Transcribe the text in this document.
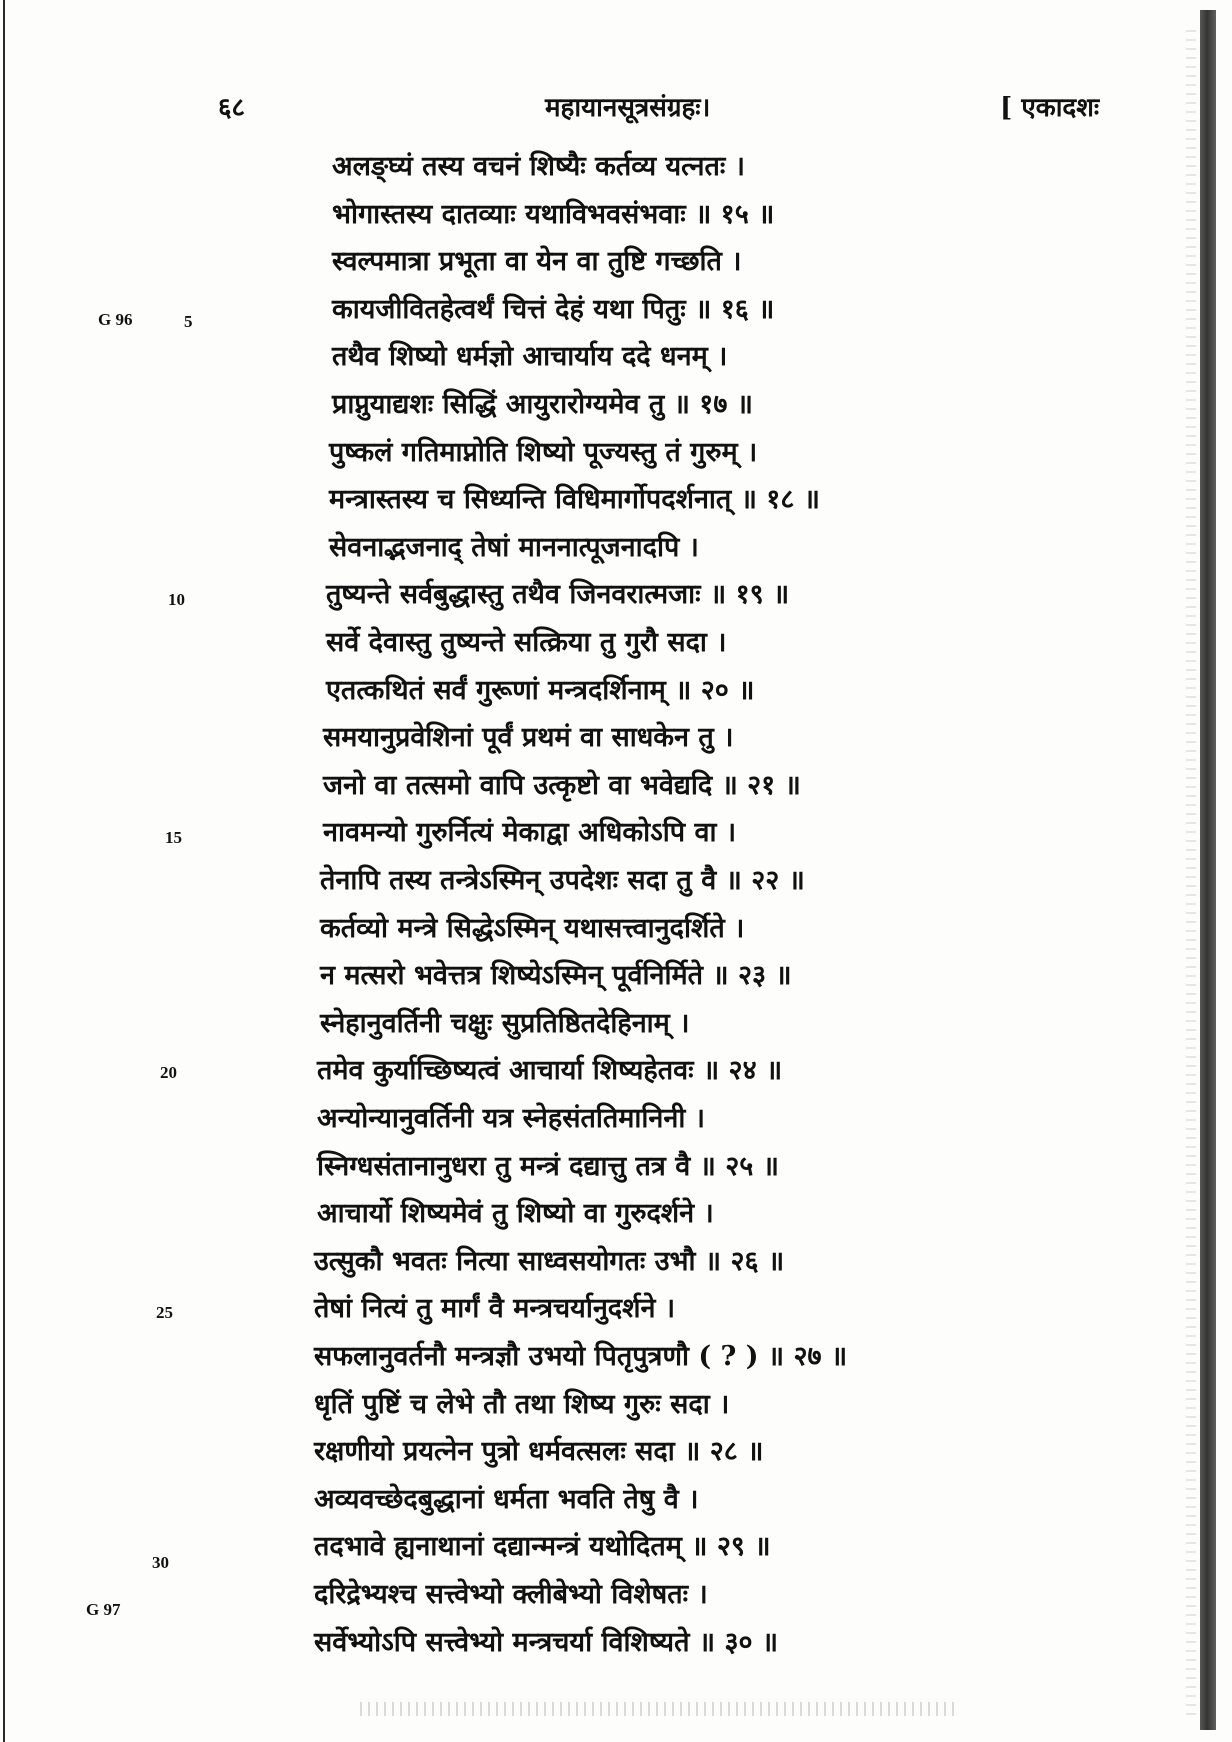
६८	महायानसूत्रसंग्रहः।	[ एकादशः
G 96	5
10
15
20
25
30
G 97
अलङ्घ्यं तस्य वचनं शिष्यैः कर्तव्य यत्नतः ।
भोगास्तस्य दातव्याः यथाविभवसंभवाः ॥ १५ ॥
स्वल्पमात्रा प्रभूता वा येन वा तुष्टि गच्छति ।
कायजीवितहेत्वर्थं चित्तं देहं यथा पितुः ॥ १६ ॥
तथैव शिष्यो धर्मज्ञो आचार्याय ददे धनम् ।
प्राप्नुयाद्यशः सिद्धिं आयुरारोग्यमेव तु ॥ १७ ॥
पुष्कलं गतिमाप्नोति शिष्यो पूज्यस्तु तं गुरुम् ।
मन्त्रास्तस्य च सिध्यन्ति विधिमार्गोपदर्शनात् ॥ १८ ॥
सेवनाद्भजनाद् तेषां माननात्पूजनादपि ।
तुष्यन्ते सर्वबुद्धास्तु तथैव जिनवरात्मजाः ॥ १९ ॥
सर्वे देवास्तु तुष्यन्ते सत्क्रिया तु गुरौ सदा ।
एतत्कथितं सर्वं गुरूणां मन्त्रदर्शिनाम् ॥ २० ॥
समयानुप्रवेशिनां पूर्वं प्रथमं वा साधकेन तु ।
जनो वा तत्समो वापि उत्कृष्टो वा भवेद्यदि ॥ २१ ॥
नावमन्यो गुरुर्नित्यं मेकाद्वा अधिकोऽपि वा ।
तेनापि तस्य तन्त्रेऽस्मिन् उपदेशः सदा तु वै ॥ २२ ॥
कर्तव्यो मन्त्रे सिद्धेऽस्मिन् यथासत्त्वानुदर्शिते ।
न मत्सरो भवेत्तत्र शिष्येऽस्मिन् पूर्वनिर्मिते ॥ २३ ॥
स्नेहानुवर्तिनी चक्षुः सुप्रतिष्ठितदेहिनाम् ।
तमेव कुर्याच्छिष्यत्वं आचार्या शिष्यहेतवः ॥ २४ ॥
अन्योन्यानुवर्तिनी यत्र स्नेहसंततिमानिनी ।
स्निग्धसंतानानुधरा तु मन्त्रं दद्यात्तु तत्र वै ॥ २५ ॥
आचार्यो शिष्यमेवं तु शिष्यो वा गुरुदर्शने ।
उत्सुकौ भवतः नित्या साध्वसयोगतः उभौ ॥ २६ ॥
तेषां नित्यं तु मार्गं वै मन्त्रचर्यानुदर्शने ।
सफलानुवर्तनौ मन्त्रज्ञौ उभयो पितृपुत्रणौ ( ? ) ॥ २७ ॥
धृतिं पुष्टिं च लेभे तौ तथा शिष्य गुरुः सदा ।
रक्षणीयो प्रयत्नेन पुत्रो धर्मवत्सलः सदा ॥ २८ ॥
अव्यवच्छेदबुद्धानां धर्मता भवति तेषु वै ।
तदभावे ह्यनाथानां दद्यान्मन्त्रं यथोदितम् ॥ २९ ॥
दरिद्रेभ्यश्च सत्त्वेभ्यो क्लीबेभ्यो विशेषतः ।
सर्वेभ्योऽपि सत्त्वेभ्यो मन्त्रचर्या विशिष्यते ॥ ३० ॥
